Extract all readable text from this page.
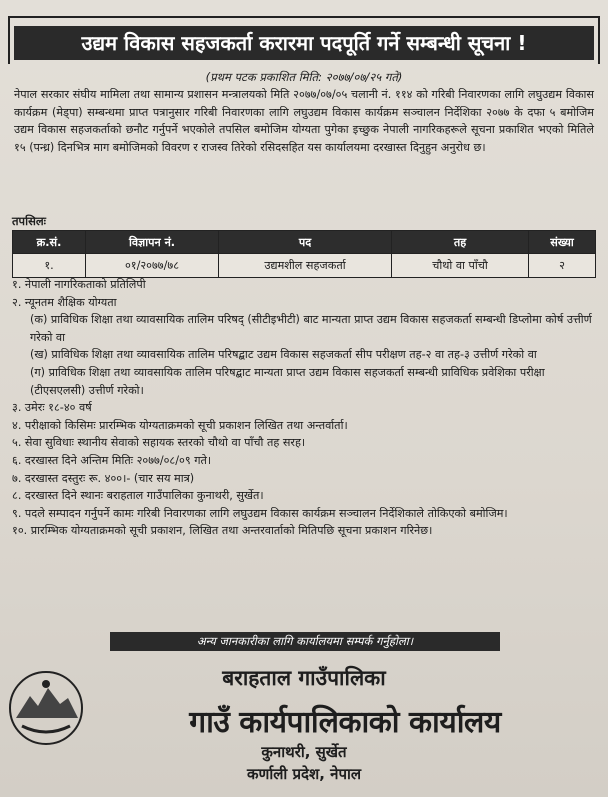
उद्यम विकास सहजकर्ता करारमा पदपूर्ति गर्ने सम्बन्धी सूचना !
(प्रथम पटक प्रकाशित मिति: २०७७/०७/२५ गते)

नेपाल सरकार संघीय मामिला तथा सामान्य प्रशासन मन्त्रालयको मिति २०७७/०७/०५ चलानी नं. ११४ को गरिबी निवारणका लागि लघुउद्यम विकास कार्यक्रम (मेड्पा) सम्बन्धमा प्राप्त पत्रानुसार गरिबी निवारणका लागि लघुउद्यम विकास कार्यक्रम सञ्चालन निर्देशिका २०७७ के दफा ५ बमोजिम उद्यम विकास सहजकर्ताको छनौट गर्नुपर्ने भएकोले तपसिल बमोजिम योग्यता पुगेका इच्छुक नेपाली नागरिकहरूले सूचना प्रकाशित भएको मितिले १५ (पन्ध्र) दिनभित्र माग बमोजिमको विवरण र राजस्व तिरेको रसिदसहित यस कार्यालयमा दरखास्त दिनुहुन अनुरोध छ।

तपसिलः
क्र.सं.	विज्ञापन नं.	पद	तह	संख्या
१.	०१/२०७७/७८	उद्यमशील सहजकर्ता	चौथो वा पाँचौ	२
१. नेपाली नागरिकताको प्रतिलिपी
२. न्यूनतम शैक्षिक योग्यता
(क) प्राविधिक शिक्षा तथा व्यावसायिक तालिम परिषद् (सीटीइभीटी) बाट मान्यता प्राप्त उद्यम विकास सहजकर्ता सम्बन्धी डिप्लोमा कोर्ष उत्तीर्ण गरेको वा
(ख) प्राविधिक शिक्षा तथा व्यावसायिक तालिम परिषद्बाट उद्यम विकास सहजकर्ता सीप परीक्षण तह-२ वा तह-३ उत्तीर्ण गरेको वा
(ग) प्राविधिक शिक्षा तथा व्यावसायिक तालिम परिषद्बाट मान्यता प्राप्त उद्यम विकास सहजकर्ता सम्बन्धी प्राविधिक प्रवेशिका परीक्षा (टीएसएलसी) उत्तीर्ण गरेको।
३. उमेरः १८-४० वर्ष
४. परीक्षाको किसिमः प्रारम्भिक योग्यताक्रमको सूची प्रकाशन लिखित तथा अन्तर्वार्ता।
५. सेवा सुविधाः स्थानीय सेवाको सहायक स्तरको चौथो वा पाँचौ तह सरह।
६. दरखास्त दिने अन्तिम मितिः २०७७/०८/०९ गते।
७. दरखास्त दस्तुरः रू. ४००।- (चार सय मात्र)
८. दरखास्त दिने स्थानः बराहताल गाउँपालिका कुनाथरी, सुर्खेत।
९. पदले सम्पादन गर्नुपर्ने कामः गरिबी निवारणका लागि लघुउद्यम विकास कार्यक्रम सञ्चालन निर्देशिकाले तोकिएको बमोजिम।
१०. प्रारम्भिक योग्यताक्रमको सूची प्रकाशन, लिखित तथा अन्तरवार्ताको मितिपछि सूचना प्रकाशन गरिनेछ।
अन्य जानकारीका लागि कार्यालयमा सम्पर्क गर्नुहोला।
बराहताल गाउँपालिका
गाउँ कार्यपालिकाको कार्यालय
कुनाथरी, सुर्खेत
कर्णाली प्रदेश, नेपाल
